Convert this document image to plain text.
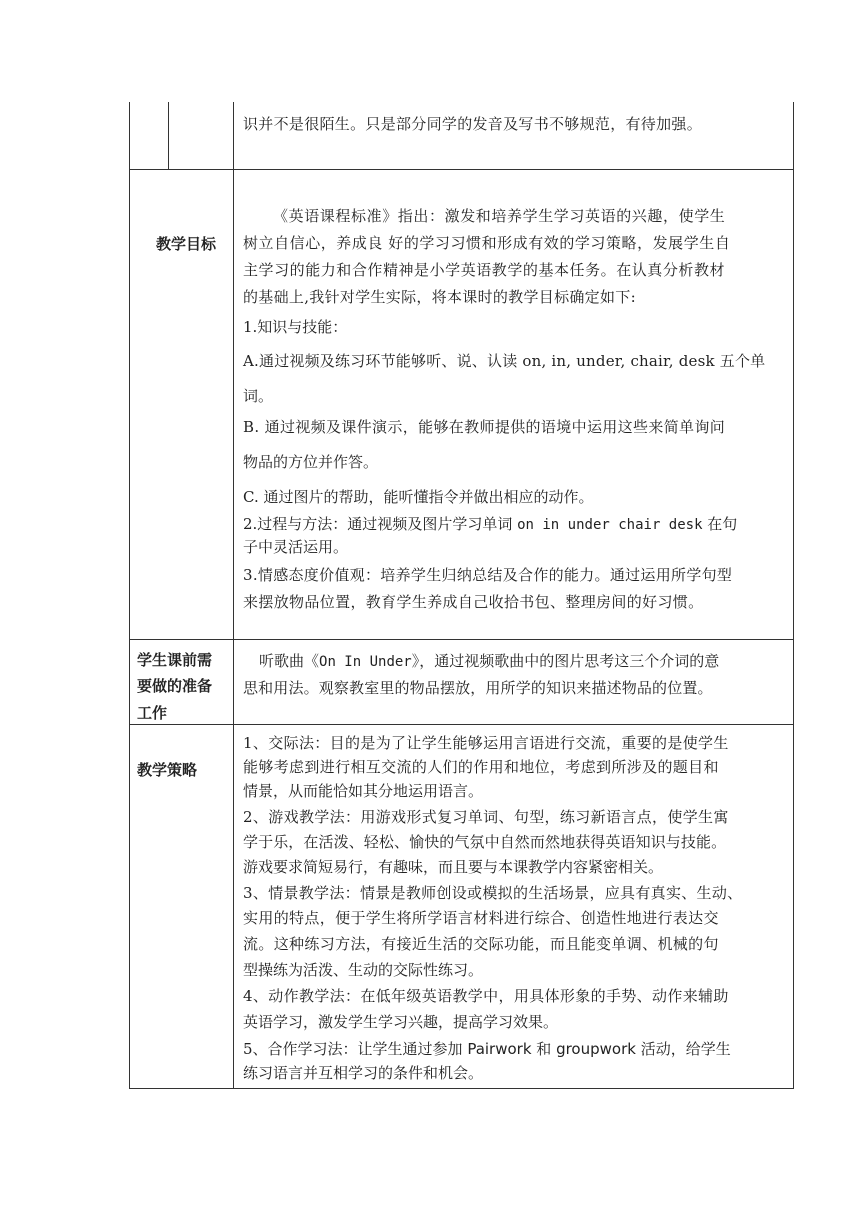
识并不是很陌生。只是部分同学的发音及写书不够规范，有待加强。
教学目标
《英语课程标准》指出：激发和培养学生学习英语的兴趣，使学生
树立自信心，养成良 好的学习习惯和形成有效的学习策略，发展学生自
主学习的能力和合作精神是小学英语教学的基本任务。在认真分析教材
的基础上,我针对学生实际，将本课时的教学目标确定如下:
1.知识与技能：
A.通过视频及练习环节能够听、说、认读 on, in, under, chair, desk 五个单
词。
B. 通过视频及课件演示，能够在教师提供的语境中运用这些来简单询问
物品的方位并作答。
C. 通过图片的帮助，能听懂指令并做出相应的动作。
2.过程与方法：通过视频及图片学习单词 on in under chair desk 在句
子中灵活运用。
3.情感态度价值观：培养学生归纳总结及合作的能力。通过运用所学句型
来摆放物品位置，教育学生养成自己收拾书包、整理房间的好习惯。
学生课前需
要做的准备
工作
听歌曲《On In Under》，通过视频歌曲中的图片思考这三个介词的意
思和用法。观察教室里的物品摆放，用所学的知识来描述物品的位置。
教学策略
1、交际法：目的是为了让学生能够运用言语进行交流，重要的是使学生
能够考虑到进行相互交流的人们的作用和地位，考虑到所涉及的题目和
情景，从而能恰如其分地运用语言。
2、游戏教学法：用游戏形式复习单词、句型，练习新语言点，使学生寓
学于乐，在活泼、轻松、愉快的气氛中自然而然地获得英语知识与技能。
游戏要求简短易行，有趣味，而且要与本课教学内容紧密相关。
3、情景教学法：情景是教师创设或模拟的生活场景，应具有真实、生动、
实用的特点，便于学生将所学语言材料进行综合、创造性地进行表达交
流。这种练习方法，有接近生活的交际功能，而且能变单调、机械的句
型操练为活泼、生动的交际性练习。
4、动作教学法：在低年级英语教学中，用具体形象的手势、动作来辅助
英语学习，激发学生学习兴趣，提高学习效果。
5、合作学习法：让学生通过参加 Pairwork 和 groupwork 活动，给学生
练习语言并互相学习的条件和机会。
